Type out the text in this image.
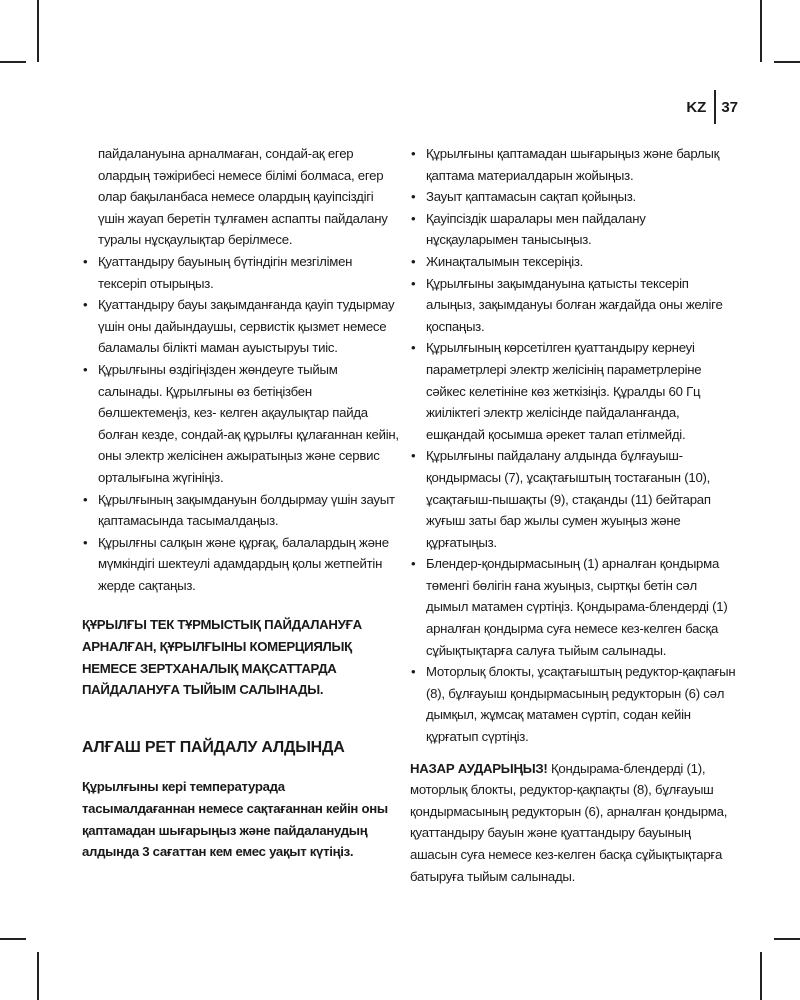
KZ	37

пайдалануына арналмаған, сондай-ақ егер олардың тәжірибесі немесе білімі болмаса, егер олар бақыланбаса немесе олардың қауіпсіздігі үшін жауап беретін тұлғамен аспапты пайдалану туралы нұсқаулықтар берілмесе.

• Қуаттандыру бауының бүтіндігін мезгілімен тексеріп отырыңыз.

• Қуаттандыру бауы зақымданғанда қауіп тудырмау үшін оны дайындаушы, сервистік қызмет немесе баламалы білікті маман ауыстыруы тиіс.

• Құрылғыны өздігіңізден жөндеуге тыйым салынады. Құрылғыны өз бетіңізбен бөлшектемеңіз, кез- келген ақаулықтар пайда болған кезде, сондай-ақ құрылғы құлағаннан кейін, оны электр желісінен ажыратыңыз және сервис орталығына жүгініңіз.

• Құрылғының зақымдануын болдырмау үшін зауыт қаптамасында тасымалдаңыз.

• Құрылғны салқын және құрғақ, балалардың және мүмкіндігі шектеулі адамдардың қолы жетпейтін жерде сақтаңыз.

ҚҰРЫЛҒЫ ТЕК ТҰРМЫСТЫҚ ПАЙДАЛАНУҒА АРНАЛҒАН, ҚҰРЫЛҒЫНЫ КОМЕРЦИЯЛЫҚ НЕМЕСЕ ЗЕРТХАНАЛЫҚ МАҚСАТТАРДА ПАЙДАЛАНУҒА ТЫЙЫМ САЛЫНАДЫ.

АЛҒАШ РЕТ ПАЙДАЛУ АЛДЫНДА

Құрылғыны кері температурада тасымалдағаннан немесе сақтағаннан кейін оны қаптамадан шығарыңыз және пайдаланудың алдында 3 сағаттан кем емес уақыт күтіңіз.

• Құрылғыны қаптамадан шығарыңыз және барлық қаптама материалдарын жойыңыз.

• Зауыт қаптамасын сақтап қойыңыз.

• Қауіпсіздік шаралары мен пайдалану нұсқауларымен танысыңыз.

• Жинақталымын тексеріңіз.

• Құрылғыны зақымдануына қатысты тексеріп алыңыз, зақымдануы болған жағдайда оны желіге қоспаңыз.

• Құрылғының көрсетілген қуаттандыру кернеуі параметрлері электр желісінің параметрлеріне сәйкес келетініне көз жеткізіңіз. Құралды 60 Гц жиіліктегі электр желісінде пайдаланғанда, ешқандай қосымша әрекет талап етілмейді.

• Құрылғыны пайдалану алдында бұлғауыш-қондырмасы (7), ұсақтағыштың тостағанын (10), ұсақтағыш-пышақты (9), стақанды (11) бейтарап жуғыш заты бар жылы сумен жуыңыз және құрғатыңыз.

• Блендер-қондырмасының (1) арналған қондырма төменгі бөлігін ғана жуыңыз, сыртқы бетін сәл дымыл матамен сүртіңіз. Қондырама-блендерді (1) арналған қондырма суға немесе кез-келген басқа сұйықтықтарға салуға тыйым салынады.

• Моторлық блокты, ұсақтағыштың редуктор-қақпағын (8), бұлғауыш қондырмасының редукторын (6) сәл дымқыл, жұмсақ матамен сүртіп, содан кейін құрғатып сүртіңіз.

НАЗАР АУДАРЫҢЫЗ! Қондырама-блендерді (1), моторлық блокты, редуктор-қақпақты (8), бұлғауыш қондырмасының редукторын (6), арналған қондырма, қуаттандыру бауын және қуаттандыру бауының ашасын суға немесе кез-келген басқа сұйықтықтарға батыруға тыйым салынады.
